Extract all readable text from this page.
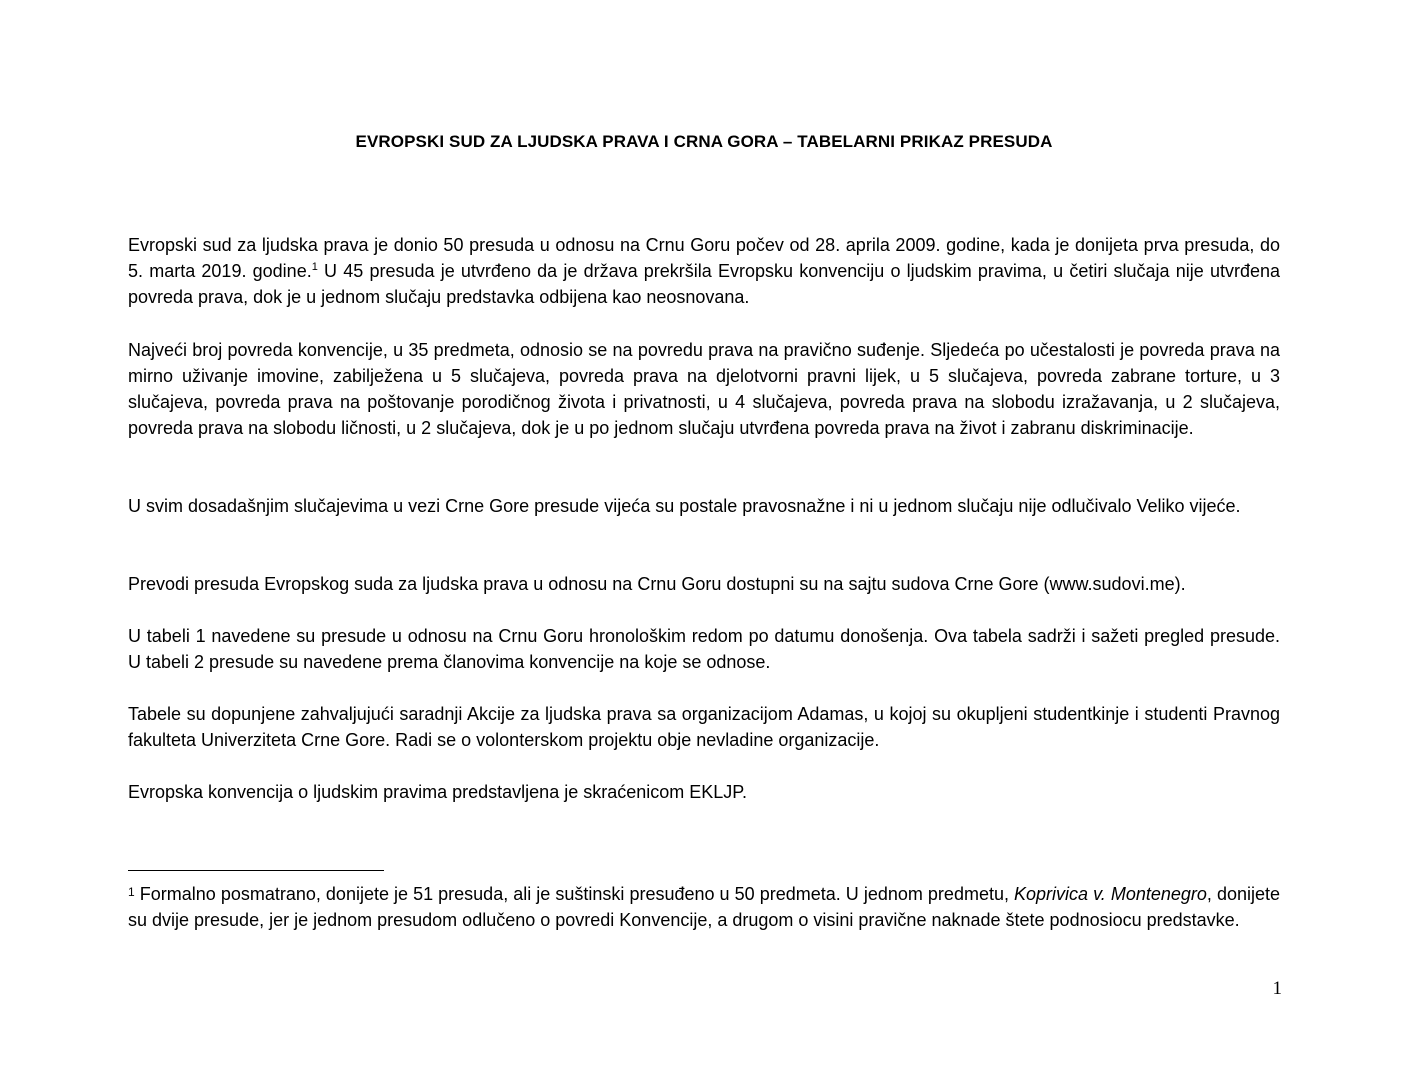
EVROPSKI SUD ZA LJUDSKA PRAVA I CRNA GORA – TABELARNI PRIKAZ PRESUDA

Evropski sud za ljudska prava je donio 50 presuda u odnosu na Crnu Goru počev od 28. aprila 2009. godine, kada je donijeta prva presuda, do 5. marta 2019. godine.$^1$ U 45 presuda je utvrđeno da je država prekršila Evropsku konvenciju o ljudskim pravima, u četiri slučaja nije utvrđena povreda prava, dok je u jednom slučaju predstavka odbijena kao neosnovana.

Najveći broj povreda konvencije, u 35 predmeta, odnosio se na povredu prava na pravično suđenje. Sljedeća po učestalosti je povreda prava na mirno uživanje imovine, zabilježena u 5 slučajeva, povreda prava na djelotvorni pravni lijek, u 5 slučajeva, povreda zabrane torture, u 3 slučajeva, povreda prava na poštovanje porodičnog života i privatnosti, u 4 slučajeva, povreda prava na slobodu izražavanja, u 2 slučajeva, povreda prava na slobodu ličnosti, u 2 slučajeva, dok je u po jednom slučaju utvrđena povreda prava na život i zabranu diskriminacije.

U svim dosadašnjim slučajevima u vezi Crne Gore presude vijeća su postale pravosnažne i ni u jednom slučaju nije odlučivalo Veliko vijeće.

Prevodi presuda Evropskog suda za ljudska prava u odnosu na Crnu Goru dostupni su na sajtu sudova Crne Gore (www.sudovi.me).

U tabeli 1 navedene su presude u odnosu na Crnu Goru hronološkim redom po datumu donošenja. Ova tabela sadrži i sažeti pregled presude. U tabeli 2 presude su navedene prema članovima konvencije na koje se odnose.

Tabele su dopunjene zahvaljujući saradnji Akcije za ljudska prava sa organizacijom Adamas, u kojoj su okupljeni studentkinje i studenti Pravnog fakulteta Univerziteta Crne Gore. Radi se o volonterskom projektu obje nevladine organizacije.

Evropska konvencija o ljudskim pravima predstavljena je skraćenicom EKLJP.

$^1$ Formalno posmatrano, donijete je 51 presuda, ali je suštinski presuđeno u 50 predmeta. U jednom predmetu, Koprivica v. Montenegro, donijete su dvije presude, jer je jednom presudom odlučeno o povredi Konvencije, a drugom o visini pravične naknade štete podnosiocu predstavke.

1
